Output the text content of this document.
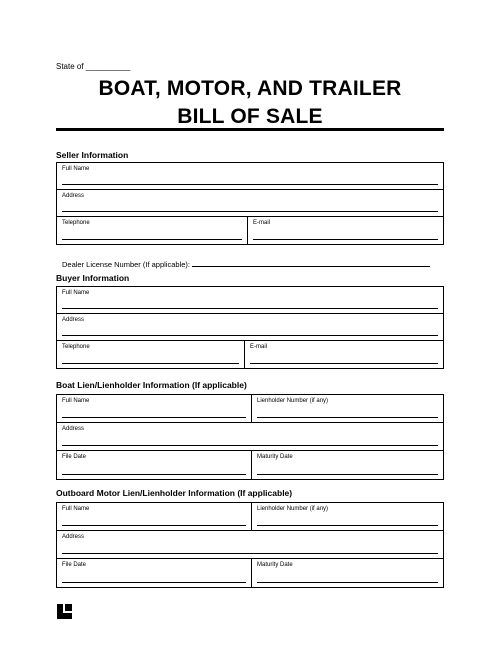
State of __________
BOAT, MOTOR, AND TRAILER
BILL OF SALE
Seller Information
Full Name
Address
Telephone	E-mail
Dealer License Number (If applicable):
Buyer Information
Full Name
Address
Telephone	E-mail
Boat Lien/Lienholder Information (If applicable)
Full Name	Lienholder Number (if any)
Address
File Date	Maturity Date
Outboard Motor Lien/Lienholder Information (If applicable)
Full Name	Lienholder Number (if any)
Address
File Date	Maturity Date
